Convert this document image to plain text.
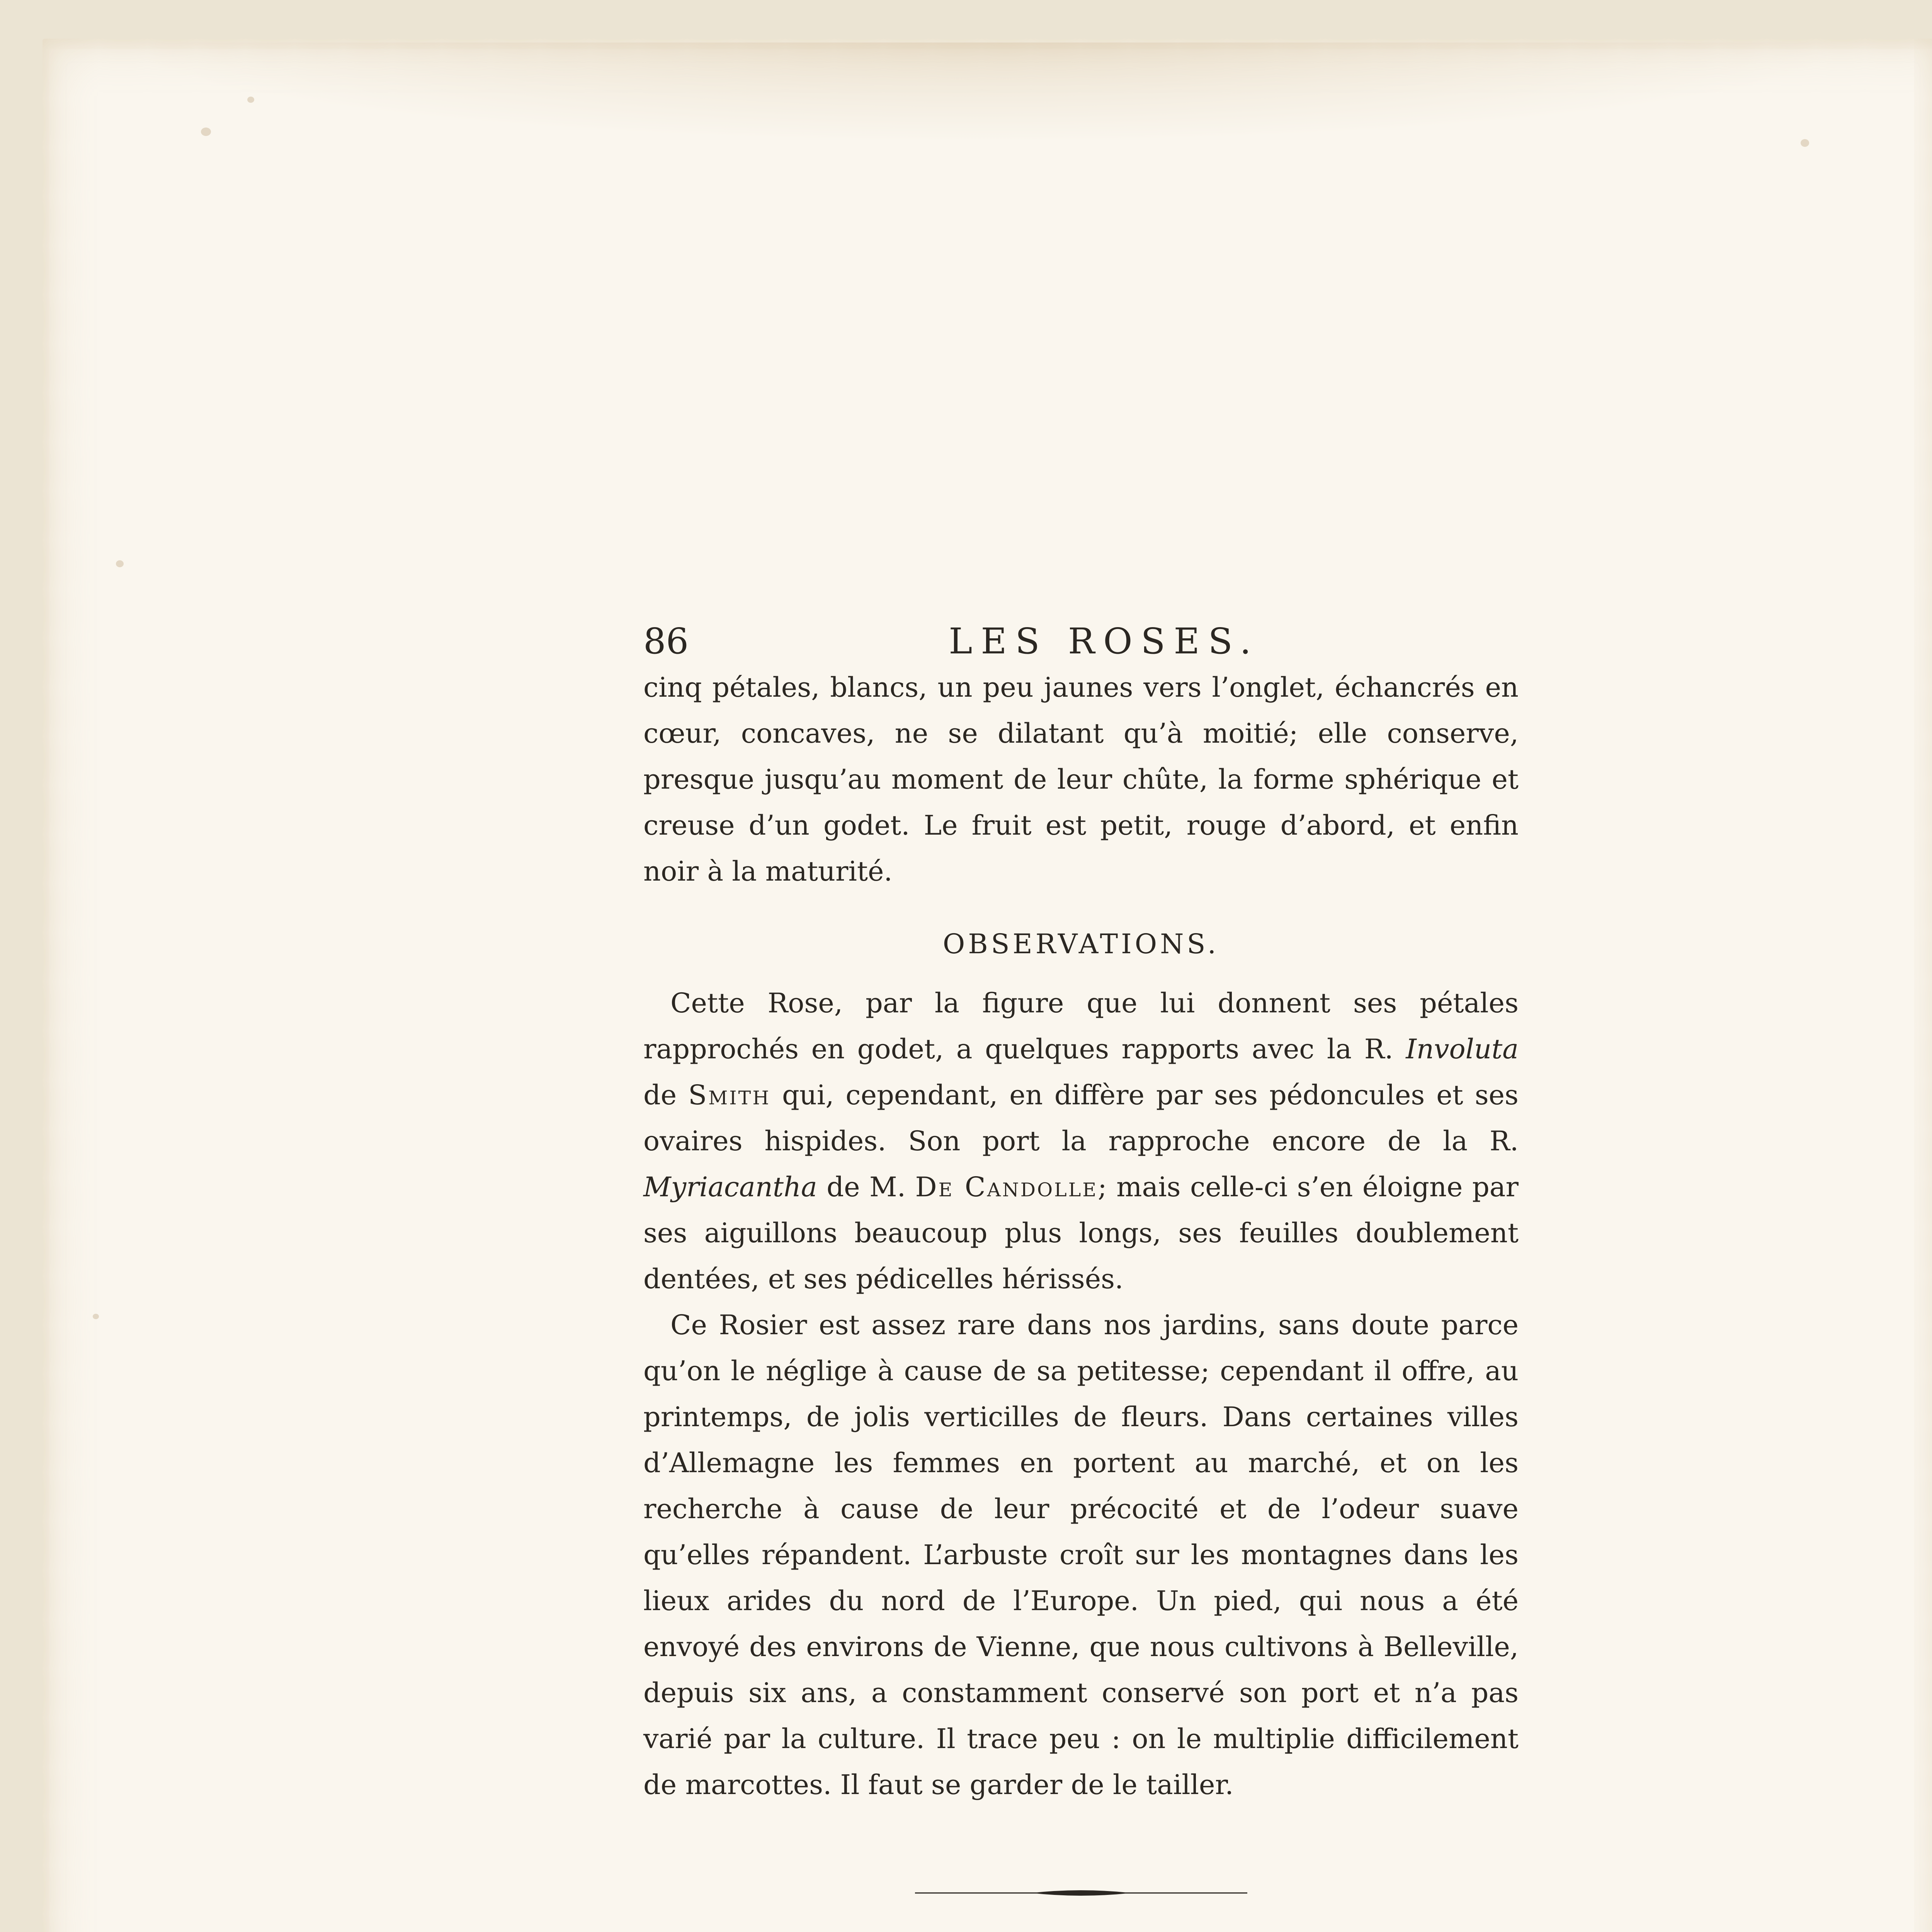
86	LES ROSES.

cinq pétales, blancs, un peu jaunes vers l’onglet, échancrés en cœur, concaves, ne se dilatant qu’à moitié; elle conserve, presque jusqu’au moment de leur chûte, la forme sphérique et creuse d’un godet. Le fruit est petit, rouge d’abord, et enfin noir à la maturité.

OBSERVATIONS.

Cette Rose, par la figure que lui donnent ses pétales rapprochés en godet, a quelques rapports avec la R. Involuta de Smith qui, cependant, en diffère par ses pédoncules et ses ovaires hispides. Son port la rapproche encore de la R. Myriacantha de M. De Candolle; mais celle-ci s’en éloigne par ses aiguillons beaucoup plus longs, ses feuilles doublement dentées, et ses pédicelles hérissés.

Ce Rosier est assez rare dans nos jardins, sans doute parce qu’on le néglige à cause de sa petitesse; cependant il offre, au printemps, de jolis verticilles de fleurs. Dans certaines villes d’Allemagne les femmes en portent au marché, et on les recherche à cause de leur précocité et de l’odeur suave qu’elles répandent. L’arbuste croît sur les montagnes dans les lieux arides du nord de l’Europe. Un pied, qui nous a été envoyé des environs de Vienne, que nous cultivons à Belleville, depuis six ans, a constamment conservé son port et n’a pas varié par la culture. Il trace peu : on le multiplie difficilement de marcottes. Il faut se garder de le tailler.
